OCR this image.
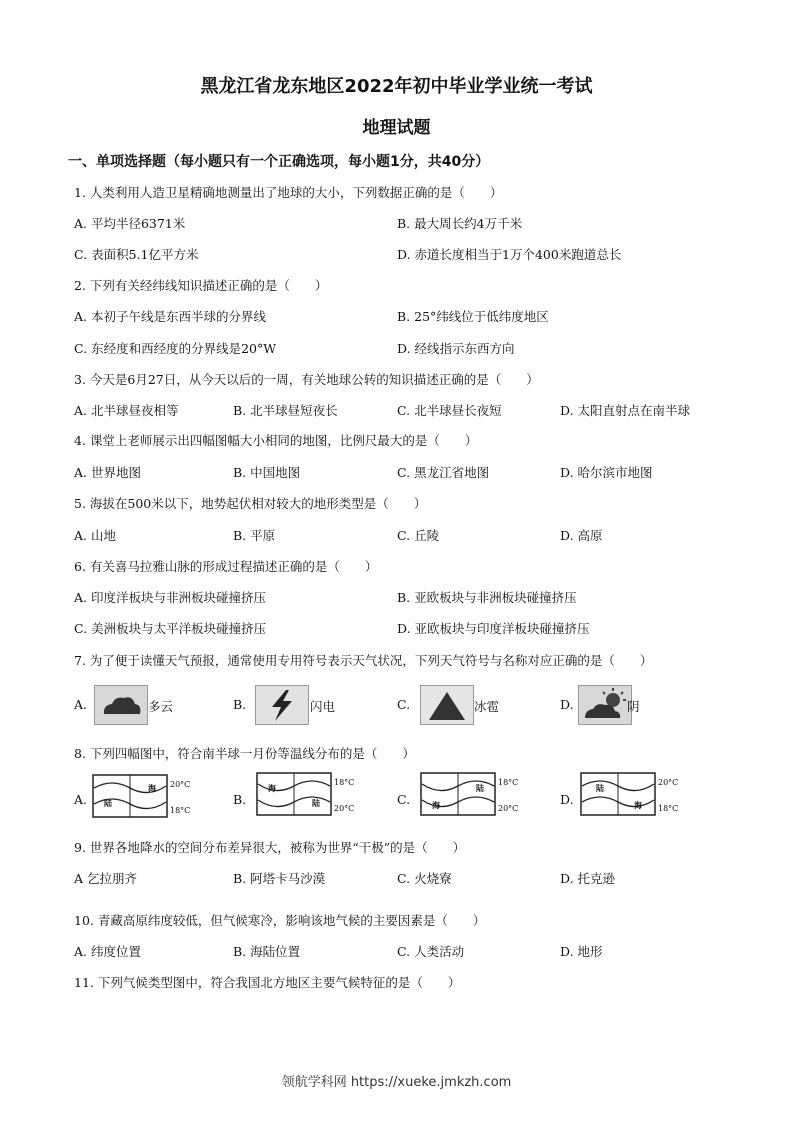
黑龙江省龙东地区2022年初中毕业学业统一考试
地理试题
一、单项选择题（每小题只有一个正确选项，每小题1分，共40分）
1. 人类利用人造卫星精确地测量出了地球的大小，下列数据正确的是（　　）
A. 平均半径6371米	B. 最大周长约4万千米
C. 表面积5.1亿平方米	D. 赤道长度相当于1万个400米跑道总长
2. 下列有关经纬线知识描述正确的是（　　）
A. 本初子午线是东西半球的分界线	B. 25°纬线位于低纬度地区
C. 东经度和西经度的分界线是20°W	D. 经线指示东西方向
3. 今天是6月27日，从今天以后的一周，有关地球公转的知识描述正确的是（　　）
A. 北半球昼夜相等	B. 北半球昼短夜长	C. 北半球昼长夜短	D. 太阳直射点在南半球
4. 课堂上老师展示出四幅图幅大小相同的地图，比例尺最大的是（　　）
A. 世界地图	B. 中国地图	C. 黑龙江省地图	D. 哈尔滨市地图
5. 海拔在500米以下，地势起伏相对较大的地形类型是（　　）
A. 山地	B. 平原	C. 丘陵	D. 高原
6. 有关喜马拉雅山脉的形成过程描述正确的是（　　）
A. 印度洋板块与非洲板块碰撞挤压	B. 亚欧板块与非洲板块碰撞挤压
C. 美洲板块与太平洋板块碰撞挤压	D. 亚欧板块与印度洋板块碰撞挤压
7. 为了便于读懂天气预报，通常使用专用符号表示天气状况，下列天气符号与名称对应正确的是（　　）
A.	多云	B.	闪电	C.	冰雹	D.	阴
8. 下列四幅图中，符合南半球一月份等温线分布的是（　　）
A.
海
陆
20°C
18°C
B.
海
陆
18°C
20°C
C.
陆
海
18°C
20°C
D.
陆
海
20°C
18°C
9. 世界各地降水的空间分布差异很大，被称为世界“干极”的是（　　）
A 乞拉朋齐	B. 阿塔卡马沙漠	C. 火烧寮	D. 托克逊
10. 青藏高原纬度较低，但气候寒冷，影响该地气候的主要因素是（　　）
A. 纬度位置	B. 海陆位置	C. 人类活动	D. 地形
11. 下列气候类型图中，符合我国北方地区主要气候特征的是（　　）
领航学科网 https://xueke.jmkzh.com
